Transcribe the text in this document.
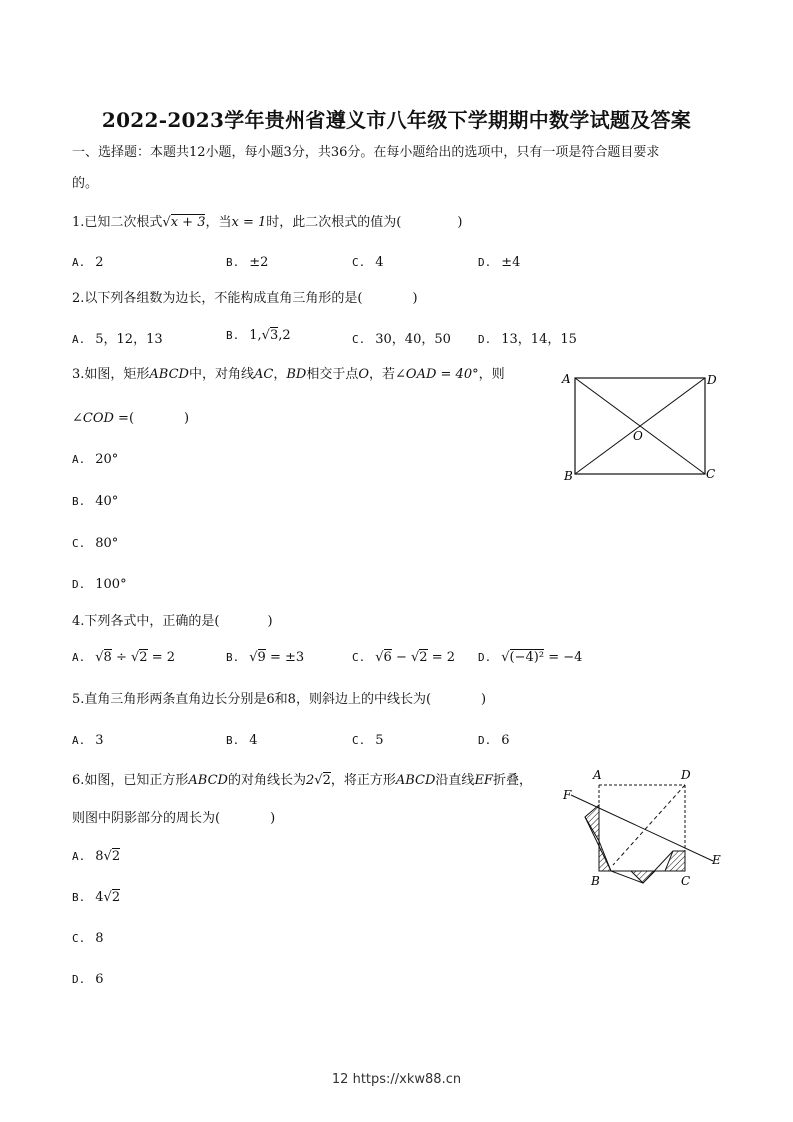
2022-2023学年贵州省遵义市八年级下学期期中数学试题及答案
一、选择题：本题共12小题，每小题3分，共36分。在每小题给出的选项中，只有一项是符合题目要求
的。
1.已知二次根式√x + 3，当x = 1时，此二次根式的值为(	)
A. 2	B. ±2	C. 4	D. ±4
2.以下列各组数为边长，不能构成直角三角形的是(	)
A. 5，12，13	B. 1,√3,2	C. 30，40，50 D. 13，14，15
3.如图，矩形ABCD中，对角线AC，BD相交于点O，若∠OAD = 40°，则
∠COD =(	)
A. 20°
B. 40°
C. 80°
D. 100°
A	D
B	C
O
4.下列各式中，正确的是(	)
A. √8 ÷ √2 = 2	B. √9 = ±3	C. √6 − √2 = 2 D. √(−4)² = −4
5.直角三角形两条直角边长分别是6和8，则斜边上的中线长为(	)
A. 3	B. 4	C. 5	D. 6
6.如图，已知正方形ABCD的对角线长为2√2，将正方形ABCD沿直线EF折叠，
则图中阴影部分的周长为(	)
A. 8√2
B. 4√2
C. 8
D. 6
A	D
F
E
B	C
12 https://xkw88.cn
